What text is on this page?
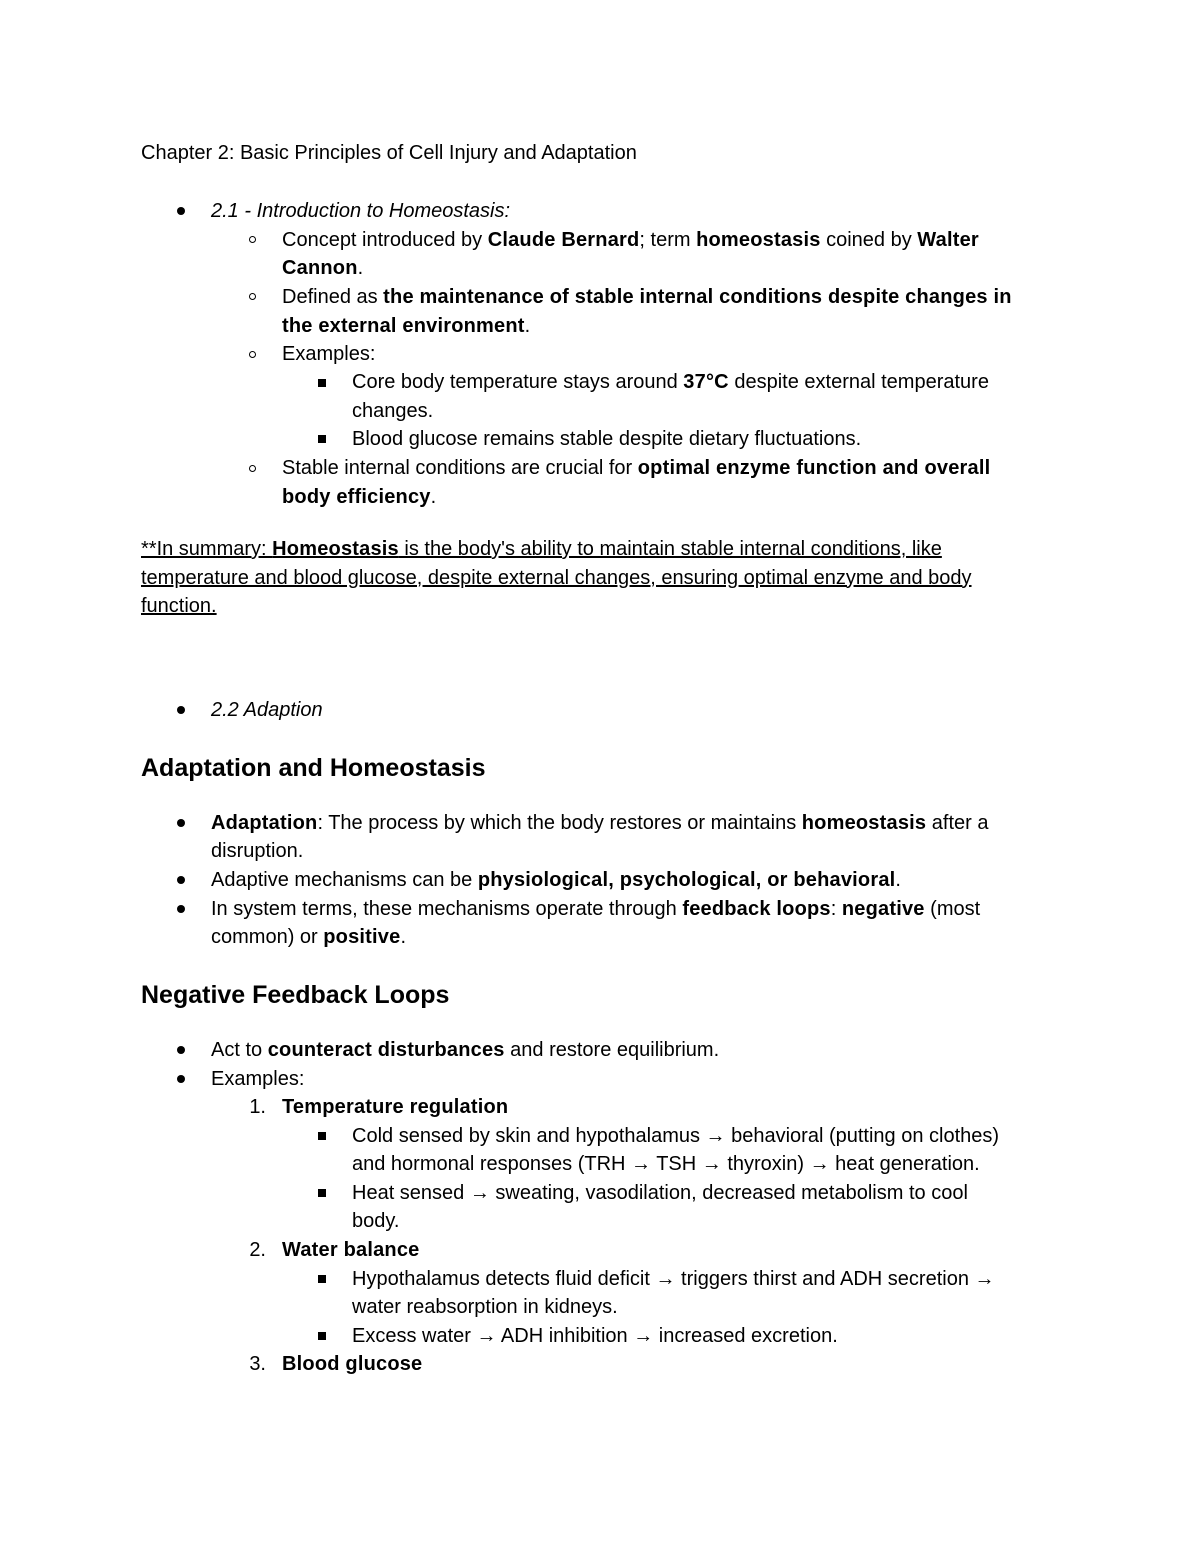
Chapter 2: Basic Principles of Cell Injury and Adaptation
2.1 - Introduction to Homeostasis:
Concept introduced by Claude Bernard; term homeostasis coined by Walter
Cannon.
Defined as the maintenance of stable internal conditions despite changes in
the external environment.
Examples:
Core body temperature stays around 37°C despite external temperature
changes.
Blood glucose remains stable despite dietary fluctuations.
Stable internal conditions are crucial for optimal enzyme function and overall
body efficiency.
**In summary: Homeostasis is the body's ability to maintain stable internal conditions, like
temperature and blood glucose, despite external changes, ensuring optimal enzyme and body
function.
2.2 Adaption
Adaptation and Homeostasis
Adaptation: The process by which the body restores or maintains homeostasis after a
disruption.
Adaptive mechanisms can be physiological, psychological, or behavioral.
In system terms, these mechanisms operate through feedback loops: negative (most
common) or positive.
Negative Feedback Loops
Act to counteract disturbances and restore equilibrium.
Examples:
1. Temperature regulation
Cold sensed by skin and hypothalamus → behavioral (putting on clothes)
and hormonal responses (TRH → TSH → thyroxin) → heat generation.
Heat sensed → sweating, vasodilation, decreased metabolism to cool
body.
2. Water balance
Hypothalamus detects fluid deficit → triggers thirst and ADH secretion →
water reabsorption in kidneys.
Excess water → ADH inhibition → increased excretion.
3. Blood glucose
